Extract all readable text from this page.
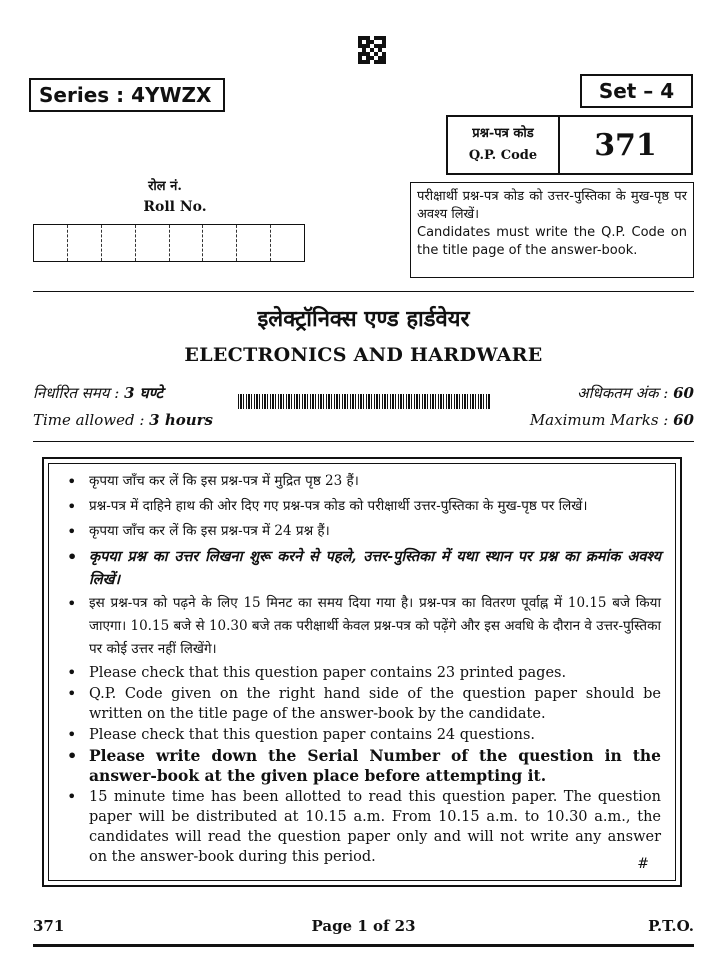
Series : 4YWZX	Set – 4
प्रश्न-पत्र कोड
Q.P. Code	371
रोल नं.
Roll No.
परीक्षार्थी प्रश्न-पत्र कोड को उत्तर-पुस्तिका के मुख-पृष्ठ पर अवश्य लिखें।
Candidates must write the Q.P. Code on the title page of the answer-book.
इलेक्ट्रॉनिक्स एण्ड हार्डवेयर
ELECTRONICS AND HARDWARE
निर्धारित समय : 3 घण्टे	अधिकतम अंक : 60
Time allowed : 3 hours	Maximum Marks : 60
• कृपया जाँच कर लें कि इस प्रश्न-पत्र में मुद्रित पृष्ठ 23 हैं।
• प्रश्न-पत्र में दाहिने हाथ की ओर दिए गए प्रश्न-पत्र कोड को परीक्षार्थी उत्तर-पुस्तिका के मुख-पृष्ठ पर लिखें।
• कृपया जाँच कर लें कि इस प्रश्न-पत्र में 24 प्रश्न हैं।
• कृपया प्रश्न का उत्तर लिखना शुरू करने से पहले, उत्तर-पुस्तिका में यथा स्थान पर प्रश्न का क्रमांक अवश्य लिखें।
• इस प्रश्न-पत्र को पढ़ने के लिए 15 मिनट का समय दिया गया है। प्रश्न-पत्र का वितरण पूर्वाह्न में 10.15 बजे किया जाएगा। 10.15 बजे से 10.30 बजे तक परीक्षार्थी केवल प्रश्न-पत्र को पढ़ेंगे और इस अवधि के दौरान वे उत्तर-पुस्तिका पर कोई उत्तर नहीं लिखेंगे।
• Please check that this question paper contains 23 printed pages.
• Q.P. Code given on the right hand side of the question paper should be written on the title page of the answer-book by the candidate.
• Please check that this question paper contains 24 questions.
• Please write down the Serial Number of the question in the answer-book at the given place before attempting it.
• 15 minute time has been allotted to read this question paper. The question paper will be distributed at 10.15 a.m. From 10.15 a.m. to 10.30 a.m., the candidates will read the question paper only and will not write any answer on the answer-book during this period.	#
371	Page 1 of 23	P.T.O.
